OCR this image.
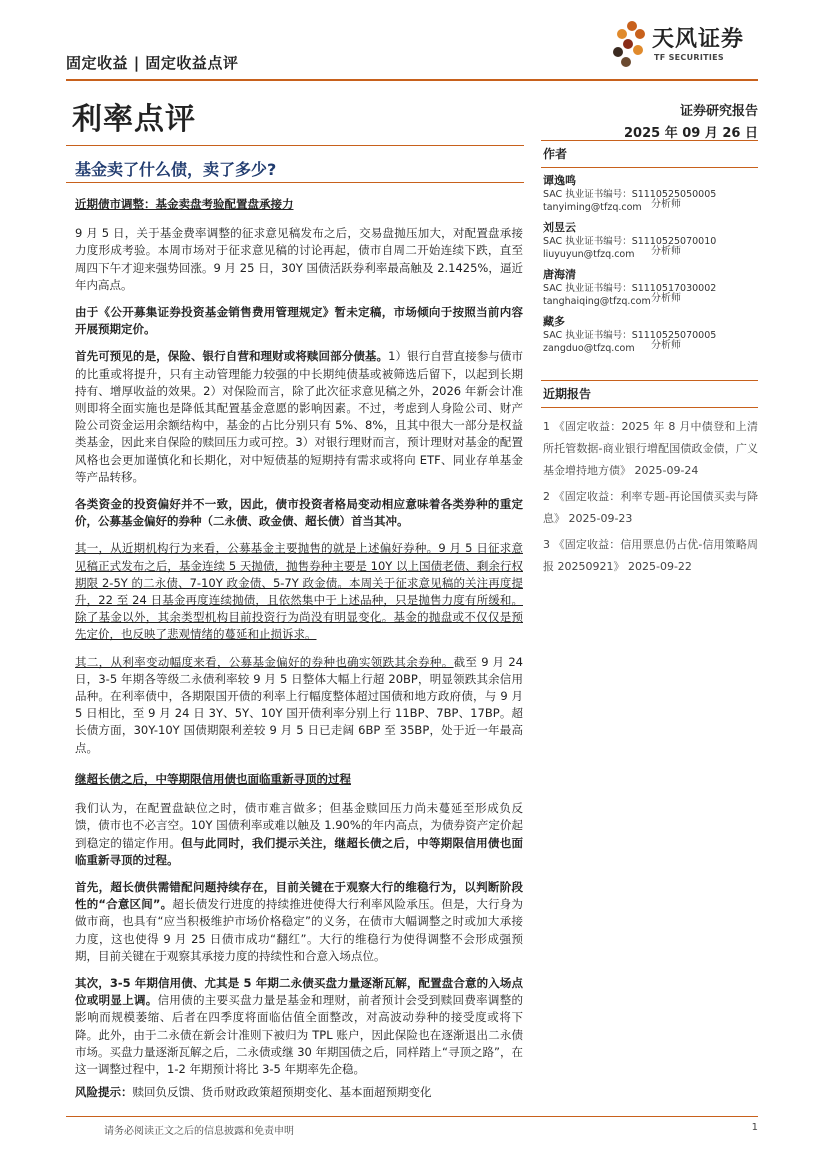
固定收益 | 固定收益点评
天风证券
TF SECURITIES
利率点评	证券研究报告
2025 年 09 月 26 日
基金卖了什么债，卖了多少?
近期债市调整：基金卖盘考验配置盘承接力

9 月 5 日，关于基金费率调整的征求意见稿发布之后，交易盘抛压加大，对配置盘承接力度形成考验。本周市场对于征求意见稿的讨论再起，债市自周二开始连续下跌，直至周四下午才迎来强势回涨。9 月 25 日，30Y 国债活跃券利率最高触及 2.1425%，逼近年内高点。

由于《公开募集证券投资基金销售费用管理规定》暂未定稿，市场倾向于按照当前内容开展预期定价。

首先可预见的是，保险、银行自营和理财或将赎回部分债基。1）银行自营直接参与债市的比重或将提升，只有主动管理能力较强的中长期纯债基或被筛选后留下，以起到长期持有、增厚收益的效果。2）对保险而言，除了此次征求意见稿之外，2026 年新会计准则即将全面实施也是降低其配置基金意愿的影响因素。不过，考虑到人身险公司、财产险公司资金运用余额结构中，基金的占比分别只有 5%、8%，且其中很大一部分是权益类基金，因此来自保险的赎回压力或可控。3）对银行理财而言，预计理财对基金的配置风格也会更加谨慎化和长期化，对中短债基的短期持有需求或将向 ETF、同业存单基金等产品转移。

各类资金的投资偏好并不一致，因此，债市投资者格局变动相应意味着各类券种的重定价，公募基金偏好的券种（二永债、政金债、超长债）首当其冲。

其一，从近期机构行为来看，公募基金主要抛售的就是上述偏好券种。9 月 5 日征求意见稿正式发布之后，基金连续 5 天抛债，抛售券种主要是 10Y 以上国债老债、剩余行权期限 2-5Y 的二永债、7-10Y 政金债、5-7Y 政金债。本周关于征求意见稿的关注再度提升，22 至 24 日基金再度连续抛债，且依然集中于上述品种，只是抛售力度有所缓和。除了基金以外，其余类型机构目前投资行为尚没有明显变化。基金的抛盘或不仅仅是预先定价，也反映了悲观情绪的蔓延和止损诉求。

其二，从利率变动幅度来看，公募基金偏好的券种也确实领跌其余券种。截至 9 月 24 日，3-5 年期各等级二永债利率较 9 月 5 日整体大幅上行超 20BP，明显领跌其余信用品种。在利率债中，各期限国开债的利率上行幅度整体超过国债和地方政府债，与 9 月 5 日相比，至 9 月 24 日 3Y、5Y、10Y 国开债利率分别上行 11BP、7BP、17BP。超长债方面，30Y-10Y 国债期限利差较 9 月 5 日已走阔 6BP 至 35BP，处于近一年最高点。

继超长债之后，中等期限信用债也面临重新寻顶的过程

我们认为，在配置盘缺位之时，债市难言做多；但基金赎回压力尚未蔓延至形成负反馈，债市也不必言空。10Y 国债利率或难以触及 1.90%的年内高点，为债券资产定价起到稳定的锚定作用。但与此同时，我们提示关注，继超长债之后，中等期限信用债也面临重新寻顶的过程。

首先，超长债供需错配问题持续存在，目前关键在于观察大行的维稳行为，以判断阶段性的“合意区间”。超长债发行进度的持续推进使得大行利率风险承压。但是，大行身为做市商，也具有“应当积极维护市场价格稳定”的义务，在债市大幅调整之时或加大承接力度，这也使得 9 月 25 日债市成功“翻红”。大行的维稳行为使得调整不会形成强预期，目前关键在于观察其承接力度的持续性和合意入场点位。

其次，3-5 年期信用债、尤其是 5 年期二永债买盘力量逐渐瓦解，配置盘合意的入场点位或明显上调。信用债的主要买盘力量是基金和理财，前者预计会受到赎回费率调整的影响而规模萎缩、后者在四季度将面临估值全面整改，对高波动券种的接受度或将下降。此外，由于二永债在新会计准则下被归为 TPL 账户，因此保险也在逐渐退出二永债市场。买盘力量逐渐瓦解之后，二永债或继 30 年期国债之后，同样踏上“寻顶之路”，在这一调整过程中，1-2 年期预计将比 3-5 年期率先企稳。

风险提示：赎回负反馈、货币财政政策超预期变化、基本面超预期变化
作者
谭逸鸣
分析师
SAC 执业证书编号：S1110525050005
tanyiming@tfzq.com
刘昱云
分析师
SAC 执业证书编号：S1110525070010
liuyuyun@tfzq.com
唐海清
分析师
SAC 执业证书编号：S1110517030002
tanghaiqing@tfzq.com
藏多
分析师
SAC 执业证书编号：S1110525070005
zangduo@tfzq.com
近期报告

1 《固定收益：2025 年 8 月中债登和上清所托管数据-商业银行增配国债政金债，广义基金增持地方债》 2025-09-24

2 《固定收益：利率专题-再论国债买卖与降息》 2025-09-23

3 《固定收益：信用票息仍占优-信用策略周报 20250921》 2025-09-22

请务必阅读正文之后的信息披露和免责申明	1
